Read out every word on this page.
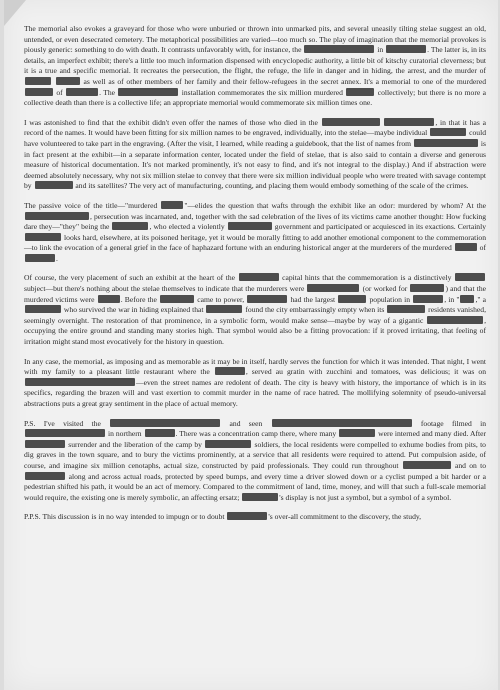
The memorial also evokes a graveyard for those who were unburied or thrown into unmarked pits, and several uneasily tilting stelae suggest an old, untended, or even desecrated cemetery. The metaphorical possibilities are varied—too much so. The play of imagination that the memorial provokes is piously generic: something to do with death. It contrasts unfavorably with, for instance, the	in	. The latter is, in its details, an imperfect exhibit; there's a little too much information dispensed with encyclopedic authority, a little bit of kitschy curatorial cleverness; but it is a true and specific memorial. It recreates the persecution, the flight, the refuge, the life in danger and in hiding, the arrest, and the murder of   as well as of other members of her family and their fellow-refugees in the secret annex. It's a memorial to one of the murdered  of	. The	installation commemorates the six million murdered	collectively; but there is no more a collective death than there is a collective life; an appropriate memorial would commemorate six million times one.

I was astonished to find that the exhibit didn't even offer the names of those who died in the	, in that it has a record of the names. It would have been fitting for six million names to be engraved, individually, into the stelae—maybe individual	could have volunteered to take part in the engraving. (After the visit, I learned, while reading a guidebook, that the list of names from	is in fact present at the exhibit—in a separate information center, located under the field of stelae, that is also said to contain a diverse and generous measure of historical documentation. It's not marked prominently, it's not easy to find, and it's not integral to the display.) And if abstraction were deemed absolutely necessary, why not six million stelae to convey that there were six million individual people who were treated with savage contempt by	and its satellites? The very act of manufacturing, counting, and placing them would embody something of the scale of the crimes.

The passive voice of the title—"murdered	"—elides the question that wafts through the exhibit like an odor: murdered by whom? At the , persecution was incarnated, and, together with the sad celebration of the lives of its victims came another thought: How fucking dare they—"they" being the	, who elected a violently	government and participated or acquiesced in its exactions. Certainly  looks hard, elsewhere, at its poisoned heritage, yet it would be morally fitting to add another emotional component to the commemoration—to link the evocation of a general grief in the face of haphazard fortune with an enduring historical anger at the murderers of the murdered	of .

Of course, the very placement of such an exhibit at the heart of the	capital hints that the commemoration is a distinctively  subject—but there's nothing about the stelae themselves to indicate that the murderers were	(or worked for	) and that the murdered victims were	. Before the	came to power,	had the largest	population in	, in " ," a  who survived the war in hiding explained that	found the city embarrassingly empty when its	residents vanished, seemingly overnight. The restoration of that prominence, in a symbolic form, would make sense—maybe by way of a gigantic	, occupying the entire ground and standing many stories high. That symbol would also be a fitting provocation: if it proved irritating, that feeling of irritation might stand most evocatively for the history in question.

In any case, the memorial, as imposing and as memorable as it may be in itself, hardly serves the function for which it was intended. That night, I went with my family to a pleasant little restaurant where the	, served au gratin with zucchini and tomatoes, was delicious; it was on —even the street names are redolent of death. The city is heavy with history, the importance of which is in its specifics, regarding the brazen will and vast exertion to commit murder in the name of race hatred. The mollifying solemnity of pseudo-universal abstractions puts a great gray sentiment in the place of actual memory.

P.S. I've visited the	and seen	footage filmed in  in northern	. There was a concentration camp there, where many	were interned and many died. After  surrender and the liberation of the camp by	soldiers, the local residents were compelled to exhume bodies from pits, to dig graves in the town square, and to bury the victims prominently, at a service that all residents were required to attend. Put compulsion aside, of course, and imagine six million cenotaphs, actual size, constructed by paid professionals. They could run throughout	and on to  along and across actual roads, protected by speed bumps, and every time a driver slowed down or a cyclist pumped a bit harder or a pedestrian shifted his path, it would be an act of memory. Compared to the commitment of land, time, money, and will that such a full-scale memorial would require, the existing one is merely symbolic, an affecting ersatz;	's display is not just a symbol, but a symbol of a symbol.

P.P.S. This discussion is in no way intended to impugn or to doubt	's over-all commitment to the discovery, the study,
